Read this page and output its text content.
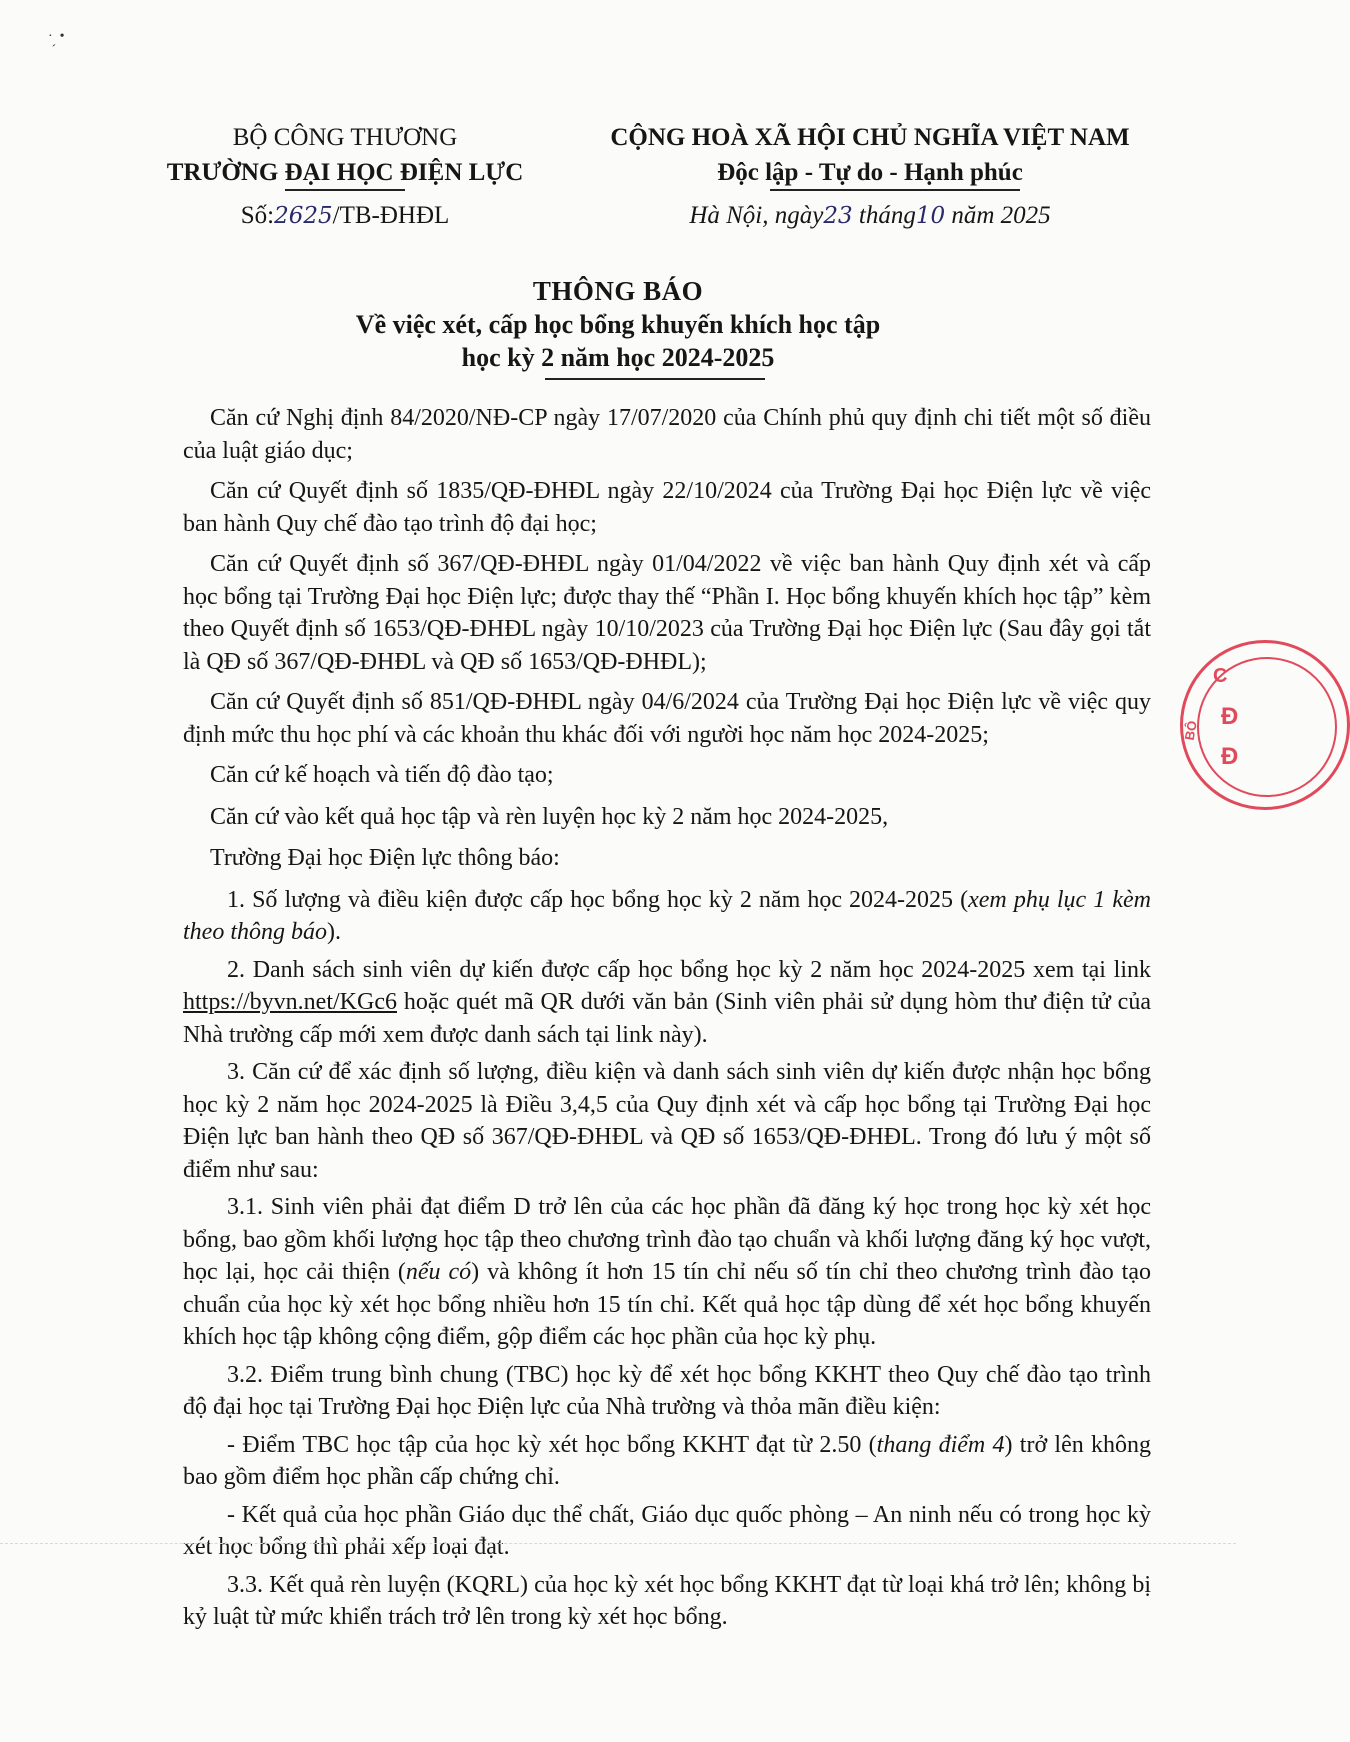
·  •
ˊ
BỘ CÔNG THƯƠNG
TRƯỜNG ĐẠI HỌC ĐIỆN LỰC
Số:2625/TB-ĐHĐL
CỘNG HOÀ XÃ HỘI CHỦ NGHĨA VIỆT NAM
Độc lập - Tự do - Hạnh phúc
Hà Nội, ngày23 tháng10 năm 2025
THÔNG BÁO
Về việc xét, cấp học bổng khuyến khích học tập
học kỳ 2 năm học 2024-2025

Căn cứ Nghị định 84/2020/NĐ-CP ngày 17/07/2020 của Chính phủ quy định chi tiết một số điều của luật giáo dục;

Căn cứ Quyết định số 1835/QĐ-ĐHĐL ngày 22/10/2024 của Trường Đại học Điện lực về việc ban hành Quy chế đào tạo trình độ đại học;

Căn cứ Quyết định số 367/QĐ-ĐHĐL ngày 01/04/2022 về việc ban hành Quy định xét và cấp học bổng tại Trường Đại học Điện lực; được thay thế “Phần I. Học bổng khuyến khích học tập” kèm theo Quyết định số 1653/QĐ-ĐHĐL ngày 10/10/2023 của Trường Đại học Điện lực (Sau đây gọi tắt là QĐ số 367/QĐ-ĐHĐL và QĐ số 1653/QĐ-ĐHĐL);

Căn cứ Quyết định số 851/QĐ-ĐHĐL ngày 04/6/2024 của Trường Đại học Điện lực về việc quy định mức thu học phí và các khoản thu khác đối với người học năm học 2024-2025;

Căn cứ kế hoạch và tiến độ đào tạo;

Căn cứ vào kết quả học tập và rèn luyện học kỳ 2 năm học 2024-2025,

Trường Đại học Điện lực thông báo:

1. Số lượng và điều kiện được cấp học bổng học kỳ 2 năm học 2024-2025 (xem phụ lục 1 kèm theo thông báo).

2. Danh sách sinh viên dự kiến được cấp học bổng học kỳ 2 năm học 2024-2025 xem tại link https://byvn.net/KGc6 hoặc quét mã QR dưới văn bản (Sinh viên phải sử dụng hòm thư điện tử của Nhà trường cấp mới xem được danh sách tại link này).

3. Căn cứ để xác định số lượng, điều kiện và danh sách sinh viên dự kiến được nhận học bổng học kỳ 2 năm học 2024-2025 là Điều 3,4,5 của Quy định xét và cấp học bổng tại Trường Đại học Điện lực ban hành theo QĐ số 367/QĐ-ĐHĐL và QĐ số 1653/QĐ-ĐHĐL. Trong đó lưu ý một số điểm như sau:

3.1. Sinh viên phải đạt điểm D trở lên của các học phần đã đăng ký học trong học kỳ xét học bổng, bao gồm khối lượng học tập theo chương trình đào tạo chuẩn và khối lượng đăng ký học vượt, học lại, học cải thiện (nếu có) và không ít hơn 15 tín chỉ nếu số tín chỉ theo chương trình đào tạo chuẩn của học kỳ xét học bổng nhiều hơn 15 tín chỉ. Kết quả học tập dùng để xét học bổng khuyến khích học tập không cộng điểm, gộp điểm các học phần của học kỳ phụ.

3.2. Điểm trung bình chung (TBC) học kỳ để xét học bổng KKHT theo Quy chế đào tạo trình độ đại học tại Trường Đại học Điện lực của Nhà trường và thỏa mãn điều kiện:

- Điểm TBC học tập của học kỳ xét học bổng KKHT đạt từ 2.50 (thang điểm 4) trở lên không bao gồm điểm học phần cấp chứng chỉ.

- Kết quả của học phần Giáo dục thể chất, Giáo dục quốc phòng – An ninh nếu có trong học kỳ xét học bổng thì phải xếp loại đạt.

3.3. Kết quả rèn luyện (KQRL) của học kỳ xét học bổng KKHT đạt từ loại khá trở lên; không bị kỷ luật từ mức khiển trách trở lên trong kỳ xét học bổng.

C
Đ
Đ
BỘ
